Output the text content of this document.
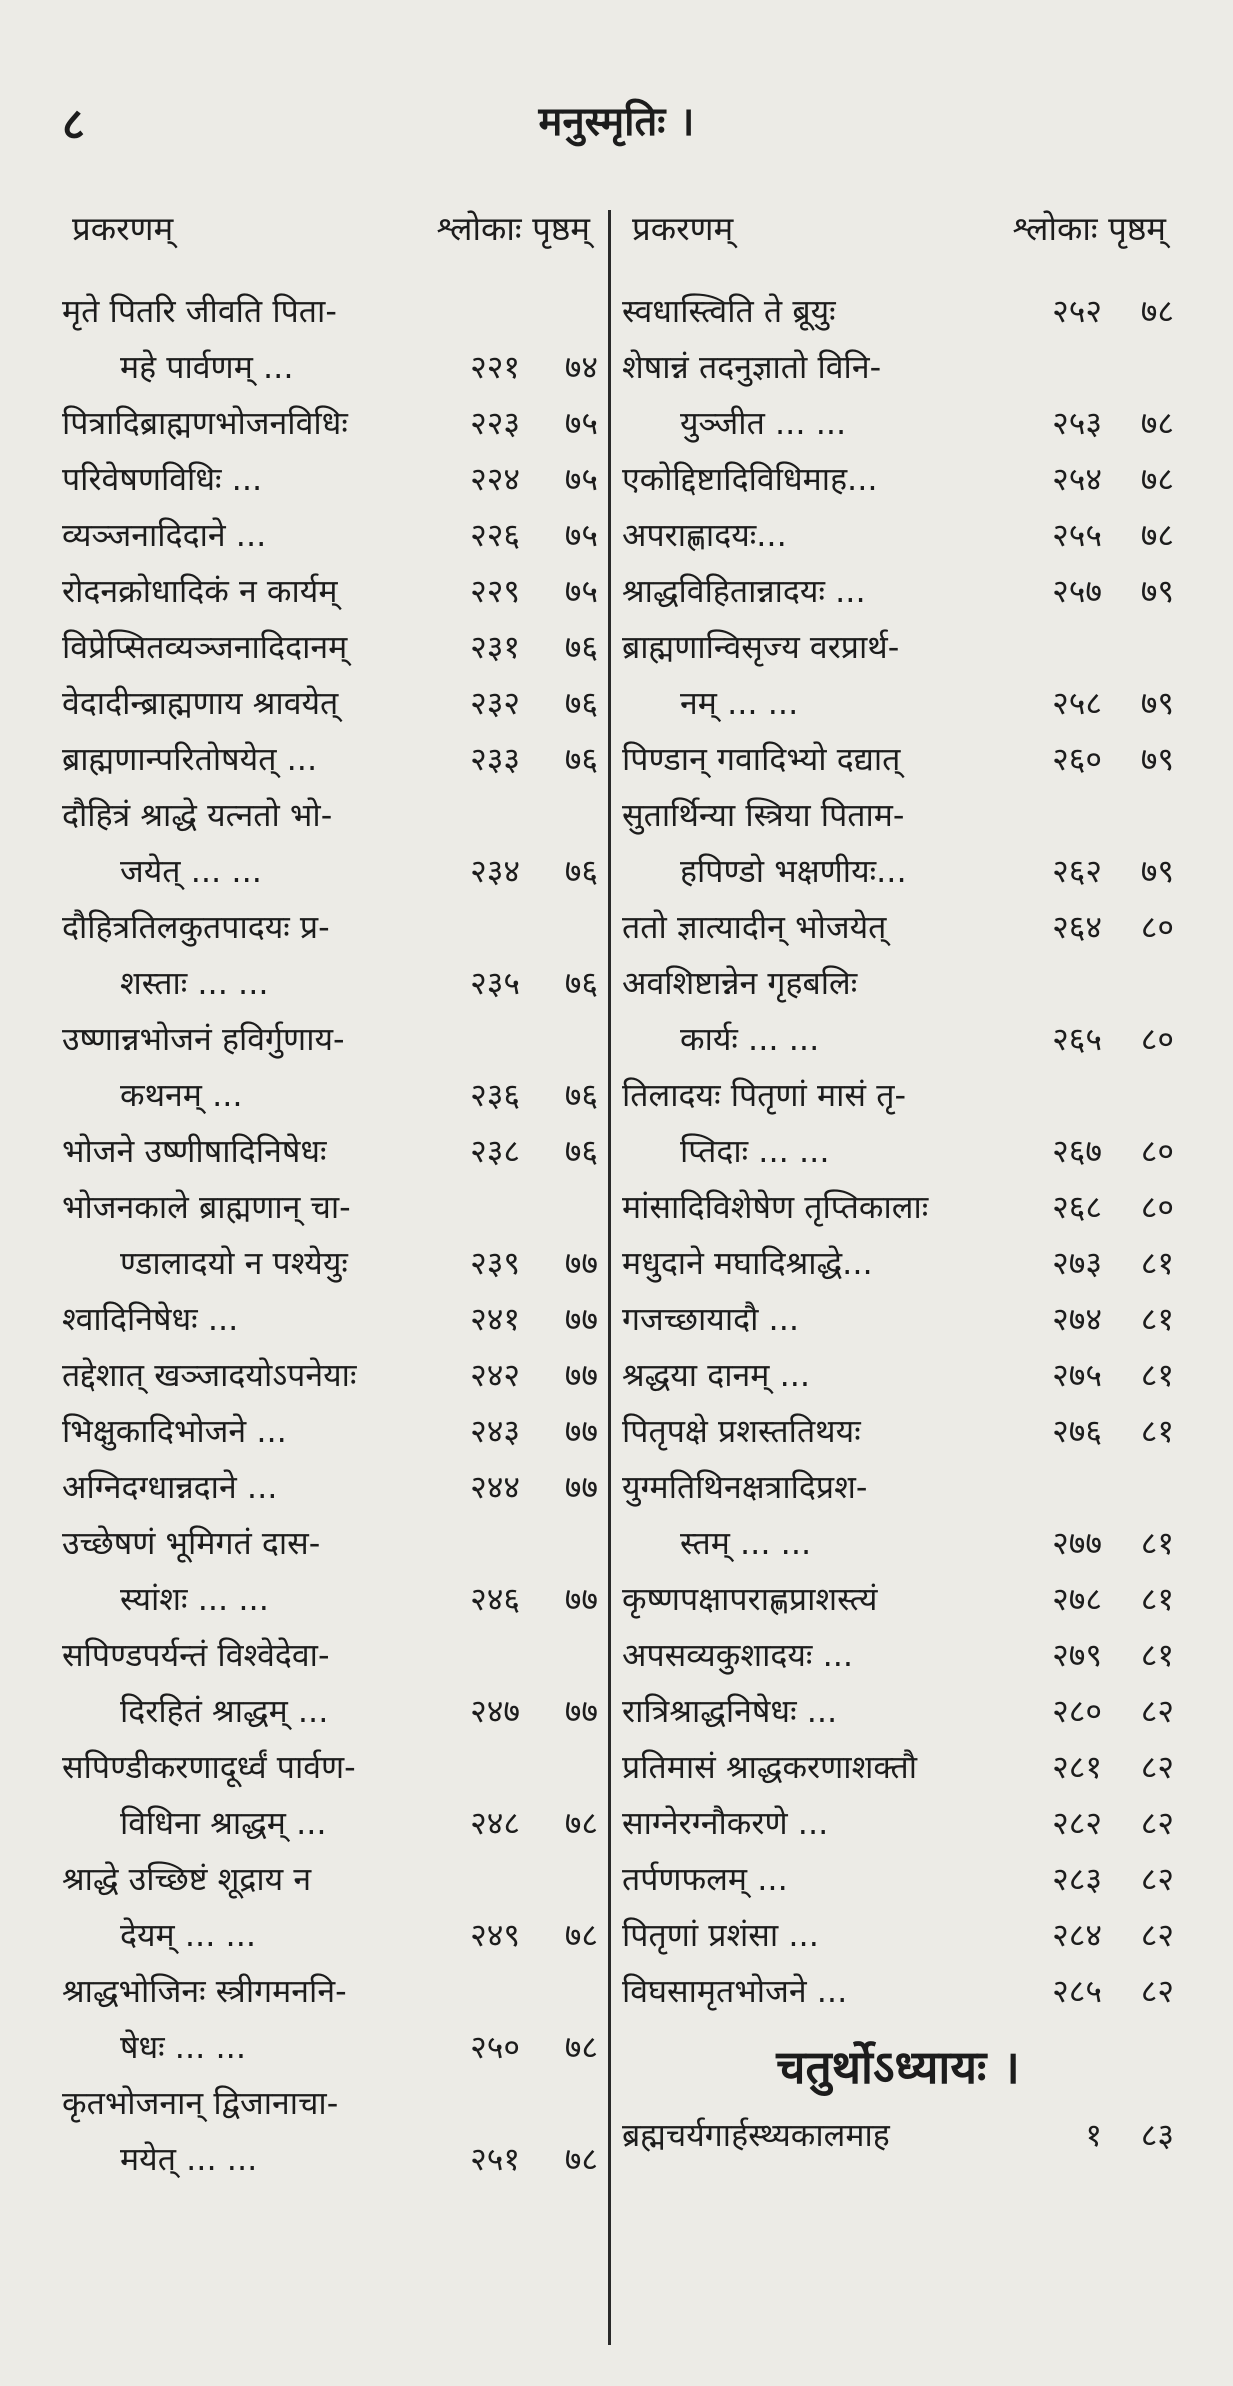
८	मनुस्मृतिः ।
प्रकरणम्	श्लोकाः पृष्ठम्
मृते पितरि जीवति पिता-
महे पार्वणम् ...	२२१	७४
पित्रादिब्राह्मणभोजनविधिः	२२३	७५
परिवेषणविधिः ...	२२४	७५
व्यञ्जनादिदाने ...	२२६	७५
रोदनक्रोधादिकं न कार्यम्	२२९	७५
विप्रेप्सितव्यञ्जनादिदानम्	२३१	७६
वेदादीन्ब्राह्मणाय श्रावयेत्	२३२	७६
ब्राह्मणान्परितोषयेत् ...	२३३	७६
दौहित्रं श्राद्धे यत्नतो भो-
जयेत् ... ...	२३४	७६
दौहित्रतिलकुतपादयः प्र-
शस्ताः ... ...	२३५	७६
उष्णान्नभोजनं हविर्गुणाय-
कथनम् ...	२३६	७६
भोजने उष्णीषादिनिषेधः	२३८	७६
भोजनकाले ब्राह्मणान् चा-
ण्डालादयो न पश्येयुः	२३९	७७
श्वादिनिषेधः ...	२४१	७७
तद्देशात् खञ्जादयोऽपनेयाः	२४२	७७
भिक्षुकादिभोजने ...	२४३	७७
अग्निदग्धान्नदाने ...	२४४	७७
उच्छेषणं भूमिगतं दास-
स्यांशः ... ...	२४६	७७
सपिण्डपर्यन्तं विश्वेदेवा-
दिरहितं श्राद्धम् ...	२४७	७७
सपिण्डीकरणादूर्ध्वं पार्वण-
विधिना श्राद्धम् ...	२४८	७८
श्राद्धे उच्छिष्टं शूद्राय न
देयम् ... ...	२४९	७८
श्राद्धभोजिनः स्त्रीगमननि-
षेधः ... ...	२५०	७८
कृतभोजनान् द्विजानाचा-
मयेत् ... ...	२५१	७८
प्रकरणम्	श्लोकाः पृष्ठम्
स्वधास्त्विति ते ब्रूयुः	२५२	७८
शेषान्नं तदनुज्ञातो विनि-
युञ्जीत ... ...	२५३	७८
एकोद्दिष्टादिविधिमाह...	२५४	७८
अपराह्णादयः...	२५५	७८
श्राद्धविहितान्नादयः ...	२५७	७९
ब्राह्मणान्विसृज्य वरप्रार्थ-
नम् ... ...	२५८	७९
पिण्डान् गवादिभ्यो दद्यात्	२६०	७९
सुतार्थिन्या स्त्रिया पिताम-
हपिण्डो भक्षणीयः...	२६२	७९
ततो ज्ञात्यादीन् भोजयेत्	२६४	८०
अवशिष्टान्नेन गृहबलिः
कार्यः ... ...	२६५	८०
तिलादयः पितृणां मासं तृ-
प्तिदाः ... ...	२६७	८०
मांसादिविशेषेण तृप्तिकालाः	२६८	८०
मधुदाने मघादिश्राद्धे...	२७३	८१
गजच्छायादौ ...	२७४	८१
श्रद्धया दानम् ...	२७५	८१
पितृपक्षे प्रशस्ततिथयः	२७६	८१
युग्मतिथिनक्षत्रादिप्रश-
स्तम् ... ...	२७७	८१
कृष्णपक्षापराह्णप्राशस्त्यं	२७८	८१
अपसव्यकुशादयः ...	२७९	८१
रात्रिश्राद्धनिषेधः ...	२८०	८२
प्रतिमासं श्राद्धकरणाशक्तौ	२८१	८२
साग्नेरग्नौकरणे ...	२८२	८२
तर्पणफलम् ...	२८३	८२
पितृणां प्रशंसा ...	२८४	८२
विघसामृतभोजने ...	२८५	८२
चतुर्थोऽध्यायः ।
ब्रह्मचर्यगार्हस्थ्यकालमाह	१	८३
